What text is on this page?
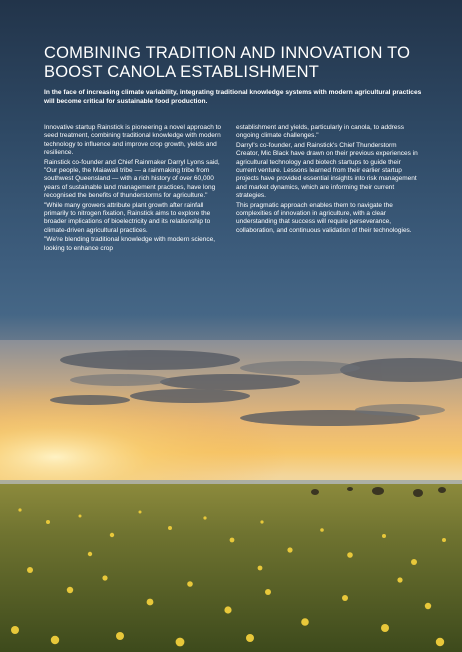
COMBINING TRADITION AND INNOVATION TO BOOST CANOLA ESTABLISHMENT

In the face of increasing climate variability, integrating traditional knowledge systems with modern agricultural practices will become critical for sustainable food production.

Innovative startup Rainstick is pioneering a novel approach to seed treatment, combining traditional knowledge with modern technology to influence and improve crop growth, yields and resilience.

Rainstick co-founder and Chief Rainmaker Darryl Lyons said, "Our people, the Maiawali tribe — a rainmaking tribe from southwest Queensland — with a rich history of over 60,000 years of sustainable land management practices, have long recognised the benefits of thunderstorms for agriculture."

"While many growers attribute plant growth after rainfall primarily to nitrogen fixation, Rainstick aims to explore the broader implications of bioelectricity and its relationship to climate-driven agricultural practices.

"We're blending traditional knowledge with modern science, looking to enhance crop

establishment and yields, particularly in canola, to address ongoing climate challenges."

Darryl's co-founder, and Rainstick's Chief Thunderstorm Creator, Mic Black have drawn on their previous experiences in agricultural technology and biotech startups to guide their current venture. Lessons learned from their earlier startup projects have provided essential insights into risk management and market dynamics, which are informing their current strategies.

This pragmatic approach enables them to navigate the complexities of innovation in agriculture, with a clear understanding that success will require perseverance, collaboration, and continuous validation of their technologies.
